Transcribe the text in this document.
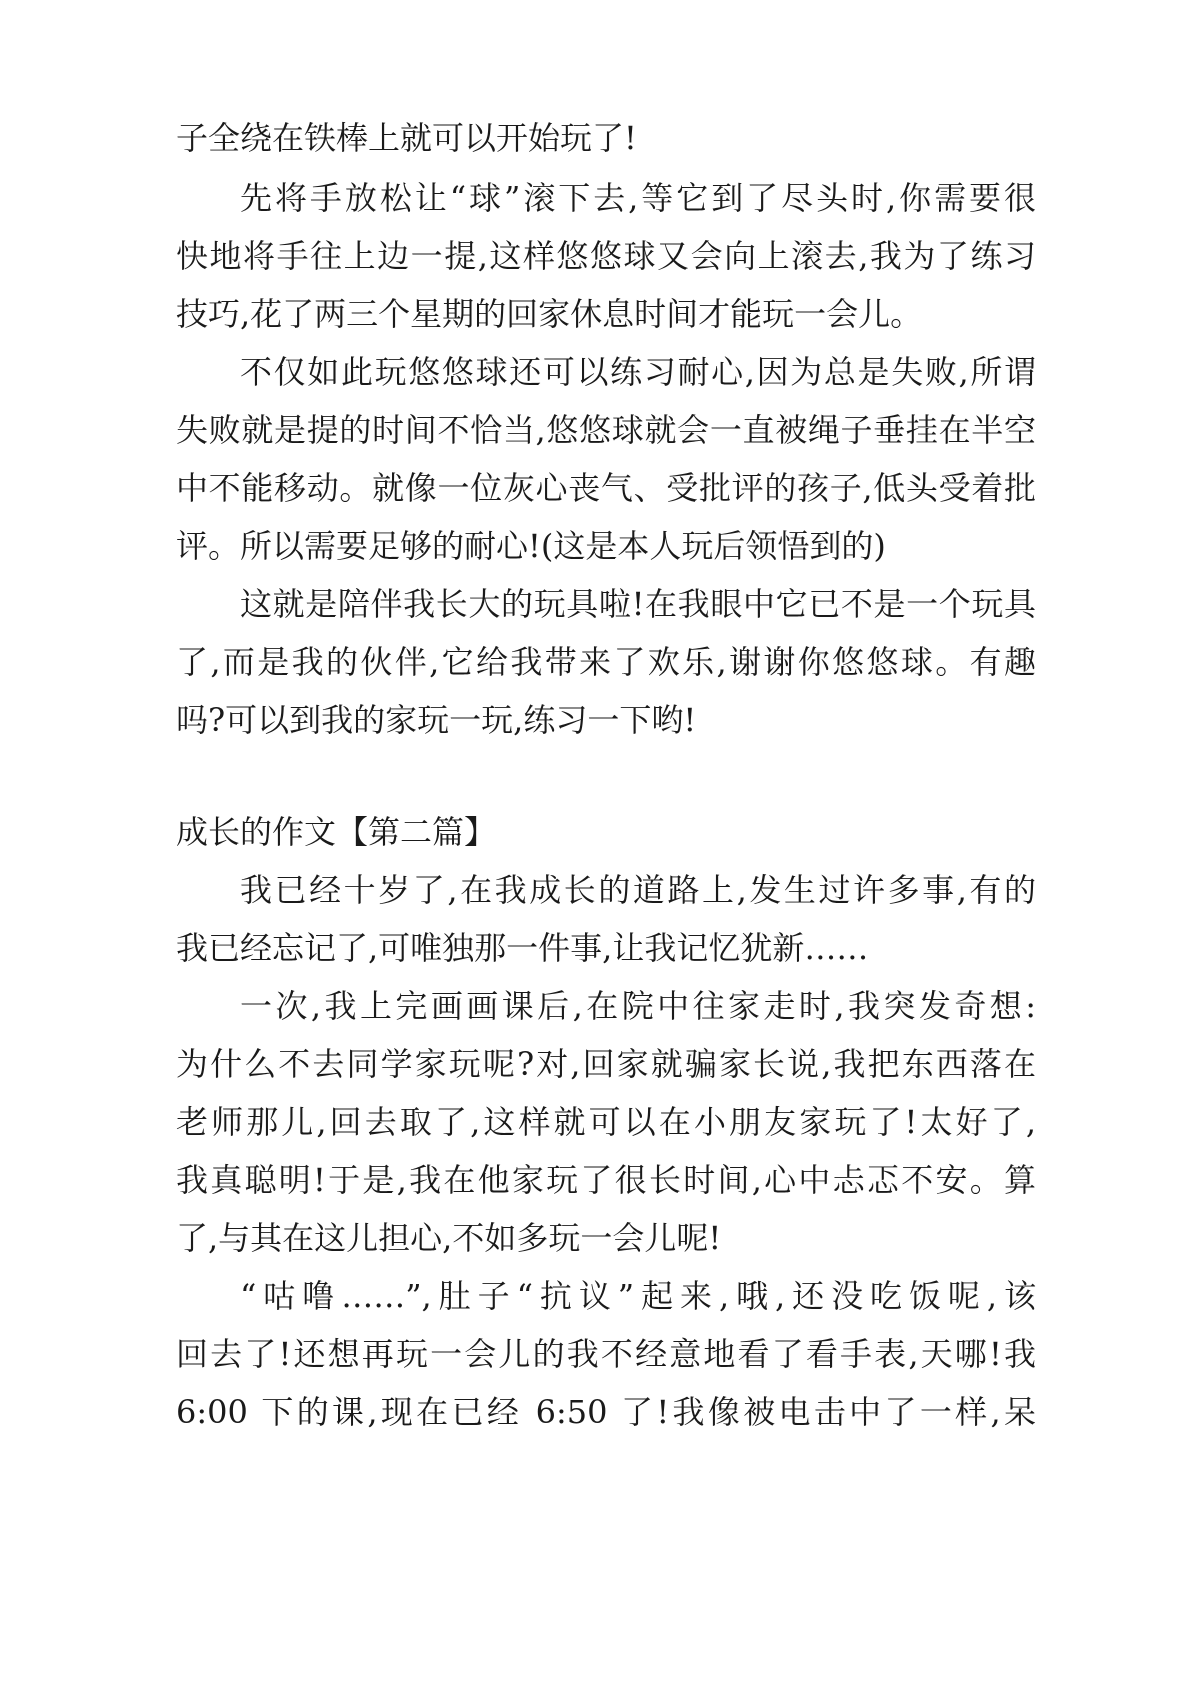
子全绕在铁棒上就可以开始玩了!
先将手放松让“球”滚下去,等它到了尽头时,你需要很
快地将手往上边一提,这样悠悠球又会向上滚去,我为了练习
技巧,花了两三个星期的回家休息时间才能玩一会儿。
不仅如此玩悠悠球还可以练习耐心,因为总是失败,所谓
失败就是提的时间不恰当,悠悠球就会一直被绳子垂挂在半空
中不能移动。就像一位灰心丧气、受批评的孩子,低头受着批
评。所以需要足够的耐心!(这是本人玩后领悟到的)
这就是陪伴我长大的玩具啦!在我眼中它已不是一个玩具
了,而是我的伙伴,它给我带来了欢乐,谢谢你悠悠球。有趣
吗?可以到我的家玩一玩,练习一下哟!
成长的作文【第二篇】
我已经十岁了,在我成长的道路上,发生过许多事,有的
我已经忘记了,可唯独那一件事,让我记忆犹新……
一次,我上完画画课后,在院中往家走时,我突发奇想:
为什么不去同学家玩呢?对,回家就骗家长说,我把东西落在
老师那儿,回去取了,这样就可以在小朋友家玩了!太好了,
我真聪明!于是,我在他家玩了很长时间,心中忐忑不安。算
了,与其在这儿担心,不如多玩一会儿呢!
“咕噜……”,肚子“抗议”起来,哦,还没吃饭呢,该
回去了!还想再玩一会儿的我不经意地看了看手表,天哪!我
6:00 下的课,现在已经 6:50 了!我像被电击中了一样,呆
